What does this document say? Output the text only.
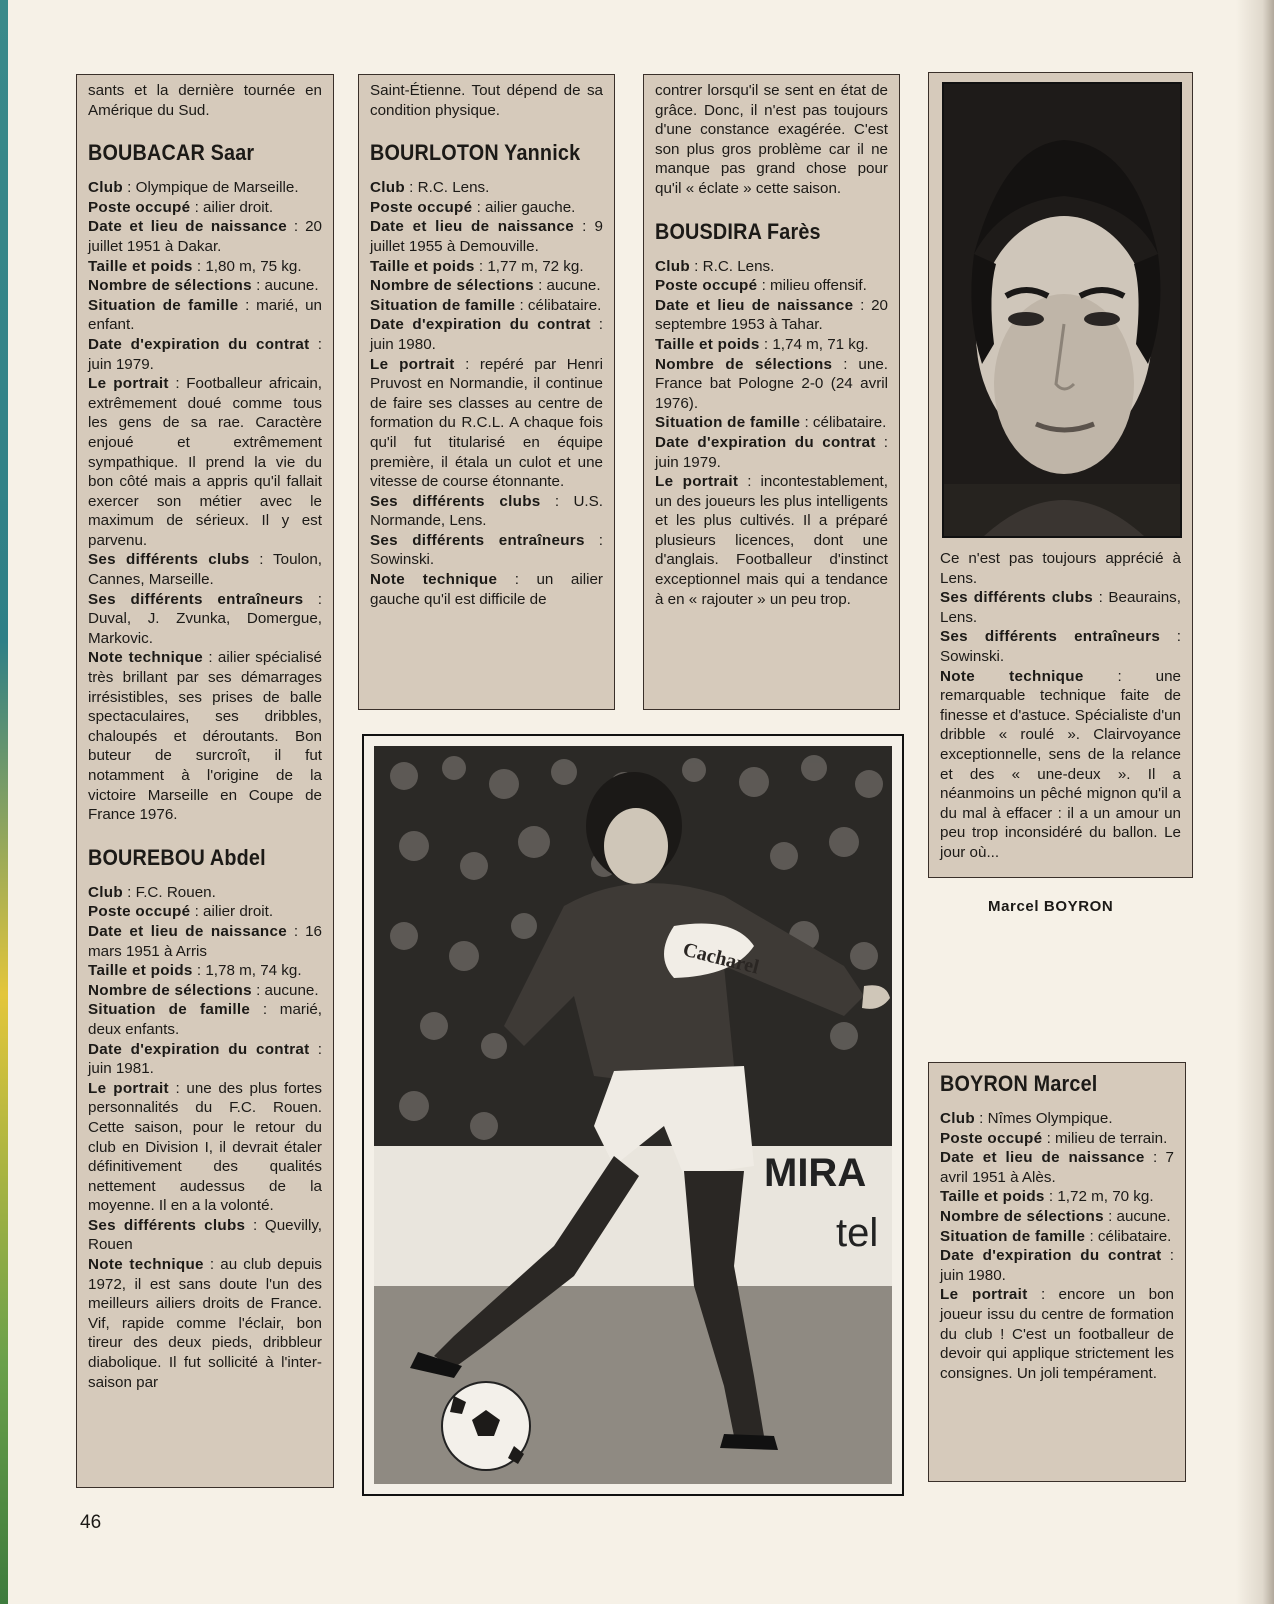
sants et la dernière tournée en Amérique du Sud.

BOUBACAR Saar

Club : Olympique de Marseille.

Poste occupé : ailier droit.

Date et lieu de naissance : 20 juillet 1951 à Dakar.

Taille et poids : 1,80 m, 75 kg.

Nombre de sélections : aucune.

Situation de famille : marié, un enfant.

Date d'expiration du contrat : juin 1979.

Le portrait : Footballeur africain, extrêmement doué comme tous les gens de sa rae. Caractère enjoué et extrêmement sympathique. Il prend la vie du bon côté mais a appris qu'il fallait exercer son métier avec le maximum de sérieux. Il y est parvenu.

Ses différents clubs : Toulon, Cannes, Marseille.

Ses différents entraîneurs : Duval, J. Zvunka, Domergue, Markovic.

Note technique : ailier spécialisé très brillant par ses démarrages irrésistibles, ses prises de balle spectaculaires, ses dribbles, chaloupés et déroutants. Bon buteur de surcroît, il fut notamment à l'origine de la victoire Marseille en Coupe de France 1976.

BOUREBOU Abdel

Club : F.C. Rouen.

Poste occupé : ailier droit.

Date et lieu de naissance : 16 mars 1951 à Arris

Taille et poids : 1,78 m, 74 kg.

Nombre de sélections : aucune.

Situation de famille : marié, deux enfants.

Date d'expiration du contrat : juin 1981.

Le portrait : une des plus fortes personnalités du F.C. Rouen. Cette saison, pour le retour du club en Division I, il devrait étaler définitivement des qualités nettement audessus de la moyenne. Il en a la volonté.

Ses différents clubs : Quevilly, Rouen

Note technique : au club depuis 1972, il est sans doute l'un des meilleurs ailiers droits de France. Vif, rapide comme l'éclair, bon tireur des deux pieds, dribbleur diabolique. Il fut sollicité à l'inter-saison par

Saint-Étienne. Tout dépend de sa condition physique.

BOURLOTON Yannick

Club : R.C. Lens.

Poste occupé : ailier gauche.

Date et lieu de naissance : 9 juillet 1955 à Demouville.

Taille et poids : 1,77 m, 72 kg.

Nombre de sélections : aucune.

Situation de famille : célibataire.

Date d'expiration du contrat : juin 1980.

Le portrait : repéré par Henri Pruvost en Normandie, il continue de faire ses classes au centre de formation du R.C.L. A chaque fois qu'il fut titularisé en équipe première, il étala un culot et une vitesse de course étonnante.

Ses différents clubs : U.S. Normande, Lens.

Ses différents entraîneurs : Sowinski.

Note technique : un ailier gauche qu'il est difficile de

contrer lorsqu'il se sent en état de grâce. Donc, il n'est pas toujours d'une constance exagérée. C'est son plus gros problème car il ne manque pas grand chose pour qu'il « éclate » cette saison.

BOUSDIRA Farès

Club : R.C. Lens.

Poste occupé : milieu offensif.

Date et lieu de naissance : 20 septembre 1953 à Tahar.

Taille et poids : 1,74 m, 71 kg.

Nombre de sélections : une. France bat Pologne 2-0 (24 avril 1976).

Situation de famille : célibataire.

Date d'expiration du contrat : juin 1979.

Le portrait : incontestablement, un des joueurs les plus intelligents et les plus cultivés. Il a préparé plusieurs licences, dont une d'anglais. Footballeur d'instinct exceptionnel mais qui a tendance à en « rajouter » un peu trop.

Ce n'est pas toujours apprécié à Lens.

Ses différents clubs : Beaurains, Lens.

Ses différents entraîneurs : Sowinski.

Note technique : une remarquable technique faite de finesse et d'astuce. Spécialiste d'un dribble « roulé ». Clairvoyance exceptionnelle, sens de la relance et des « une-deux ». Il a néanmoins un pêché mignon qu'il a du mal à effacer : il a un amour un peu trop inconsidéré du ballon. Le jour où...

MIRA
tel
Cacharel
Marcel BOYRON
BOYRON Marcel

Club : Nîmes Olympique.

Poste occupé : milieu de terrain.

Date et lieu de naissance : 7 avril 1951 à Alès.

Taille et poids : 1,72 m, 70 kg.

Nombre de sélections : aucune.

Situation de famille : célibataire.

Date d'expiration du contrat : juin 1980.

Le portrait : encore un bon joueur issu du centre de formation du club ! C'est un footballeur de devoir qui applique strictement les consignes. Un joli tempérament.

46
